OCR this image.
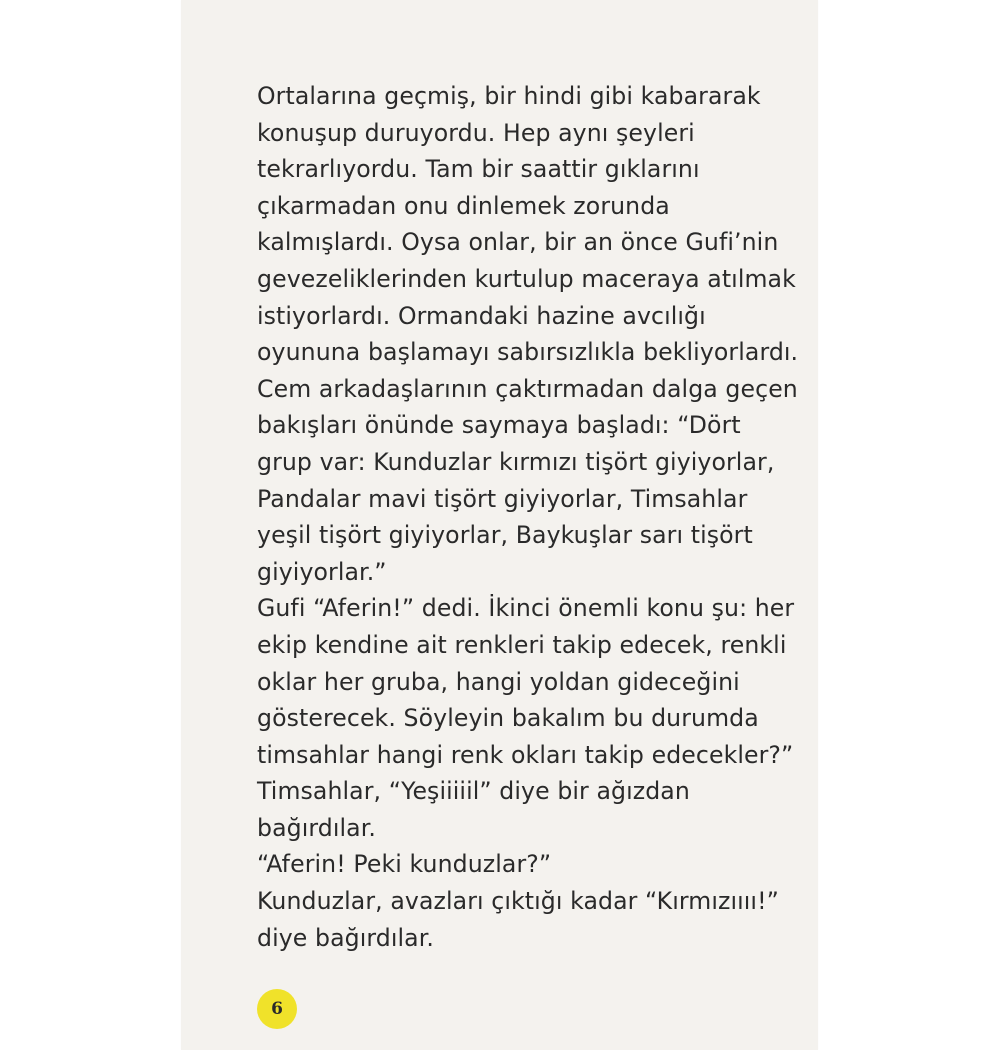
Ortalarına geçmiş, bir hindi gibi kabararak
konuşup duruyordu. Hep aynı şeyleri
tekrarlıyordu. Tam bir saattir gıklarını
çıkarmadan onu dinlemek zorunda
kalmışlardı. Oysa onlar, bir an önce Gufi’nin
gevezeliklerinden kurtulup maceraya atılmak
istiyorlardı. Ormandaki hazine avcılığı
oyununa başlamayı sabırsızlıkla bekliyorlardı.
Cem arkadaşlarının çaktırmadan dalga geçen
bakışları önünde saymaya başladı: “Dört
grup var: Kunduzlar kırmızı tişört giyiyorlar,
Pandalar mavi tişört giyiyorlar, Timsahlar
yeşil tişört giyiyorlar, Baykuşlar sarı tişört
giyiyorlar.”
Gufi “Aferin!” dedi. İkinci önemli konu şu: her
ekip kendine ait renkleri takip edecek, renkli
oklar her gruba, hangi yoldan gideceğini
gösterecek. Söyleyin bakalım bu durumda
timsahlar hangi renk okları takip edecekler?”
Timsahlar, “Yeşiiiiil” diye bir ağızdan
bağırdılar.
“Aferin! Peki kunduzlar?”
Kunduzlar, avazları çıktığı kadar “Kırmızıııı!”
diye bağırdılar.
6
